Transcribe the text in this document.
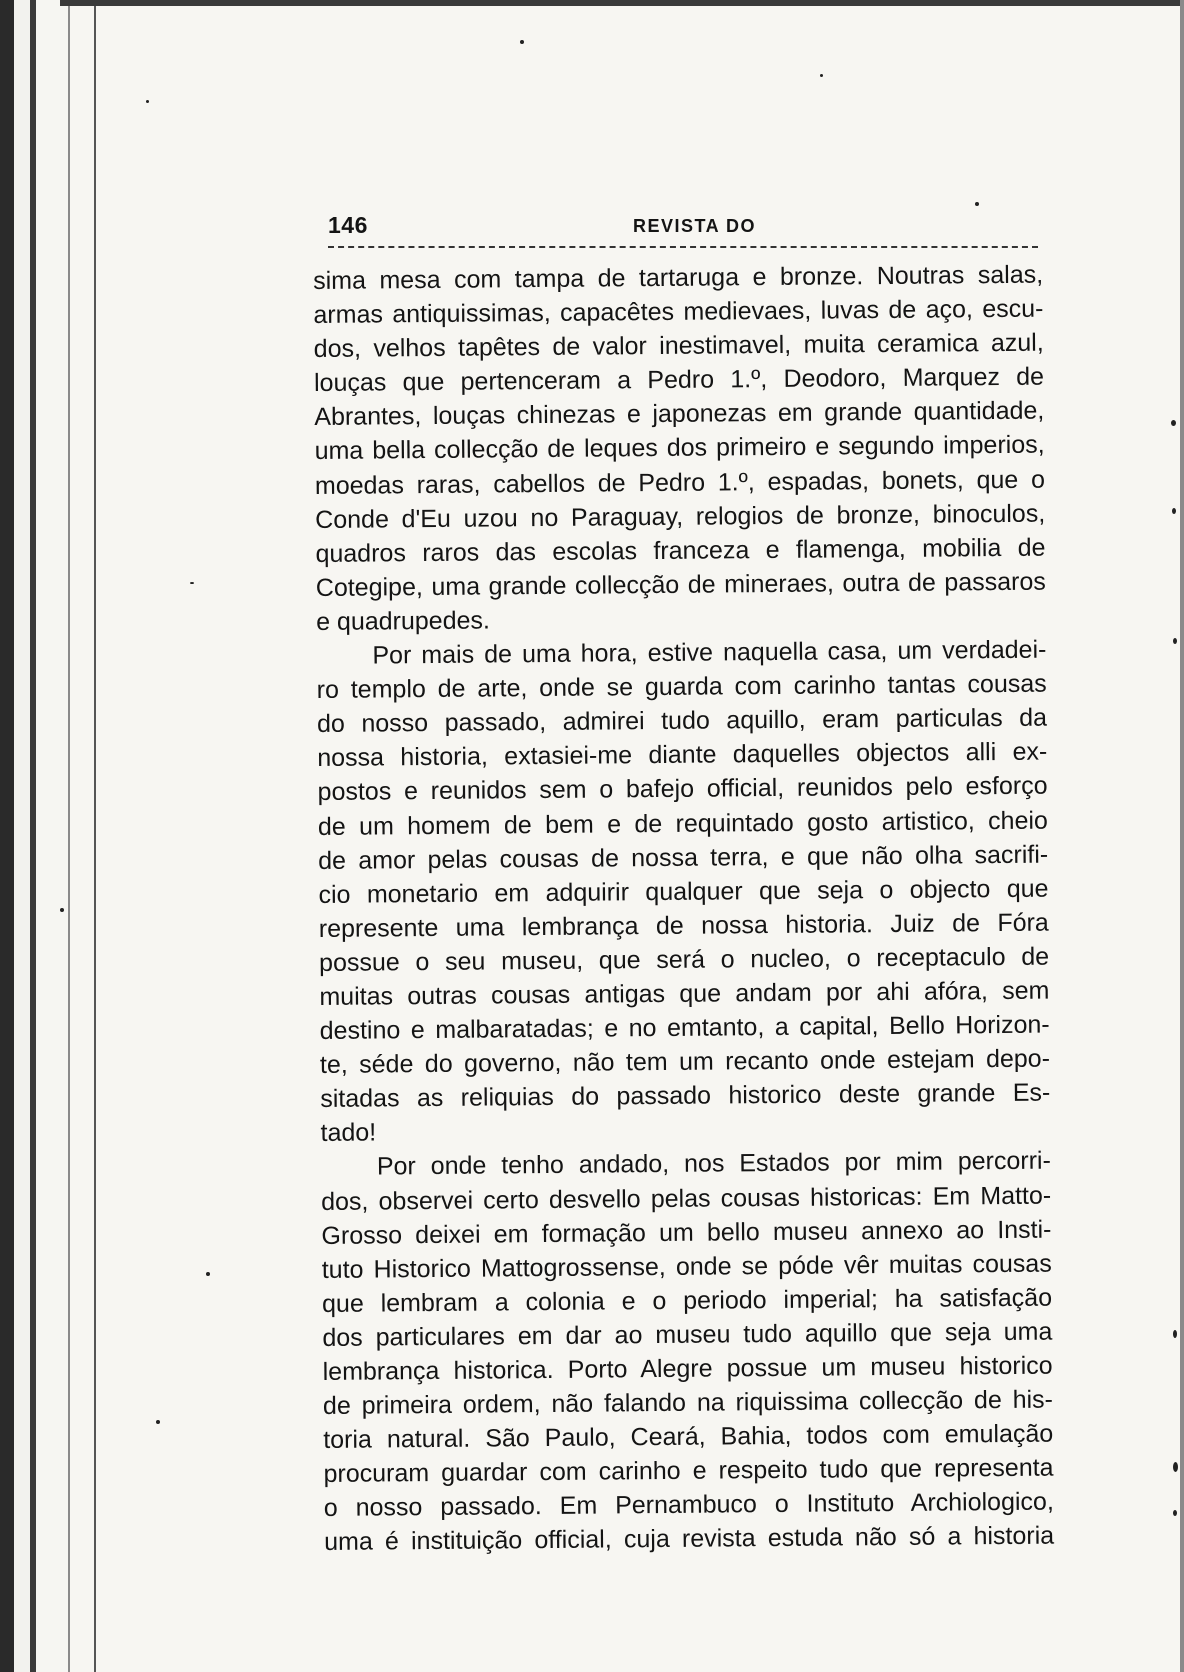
146	REVISTA DO
sima mesa com tampa de tartaruga e bronze. Noutras salas,
armas antiquissimas, capacêtes medievaes, luvas de aço, escu-
dos, velhos tapêtes de valor inestimavel, muita ceramica azul,
louças que pertenceram a Pedro 1.º, Deodoro, Marquez de
Abrantes, louças chinezas e japonezas em grande quantidade,
uma bella collecção de leques dos primeiro e segundo imperios,
moedas raras, cabellos de Pedro 1.º, espadas, bonets, que o
Conde d'Eu uzou no Paraguay, relogios de bronze, binoculos,
quadros raros das escolas franceza e flamenga, mobilia de
Cotegipe, uma grande collecção de mineraes, outra de passaros
e quadrupedes.
Por mais de uma hora, estive naquella casa, um verdadei-
ro templo de arte, onde se guarda com carinho tantas cousas
do nosso passado, admirei tudo aquillo, eram particulas da
nossa historia, extasiei-me diante daquelles objectos alli ex-
postos e reunidos sem o bafejo official, reunidos pelo esforço
de um homem de bem e de requintado gosto artistico, cheio
de amor pelas cousas de nossa terra, e que não olha sacrifi-
cio monetario em adquirir qualquer que seja o objecto que
represente uma lembrança de nossa historia. Juiz de Fóra
possue o seu museu, que será o nucleo, o receptaculo de
muitas outras cousas antigas que andam por ahi afóra, sem
destino e malbaratadas; e no emtanto, a capital, Bello Horizon-
te, séde do governo, não tem um recanto onde estejam depo-
sitadas as reliquias do passado historico deste grande Es-
tado!
Por onde tenho andado, nos Estados por mim percorri-
dos, observei certo desvello pelas cousas historicas: Em Matto-
Grosso deixei em formação um bello museu annexo ao Insti-
tuto Historico Mattogrossense, onde se póde vêr muitas cousas
que lembram a colonia e o periodo imperial; ha satisfação
dos particulares em dar ao museu tudo aquillo que seja uma
lembrança historica. Porto Alegre possue um museu historico
de primeira ordem, não falando na riquissima collecção de his-
toria natural. São Paulo, Ceará, Bahia, todos com emulação
procuram guardar com carinho e respeito tudo que representa
o nosso passado. Em Pernambuco o Instituto Archiologico,
uma é instituição official, cuja revista estuda não só a historia
